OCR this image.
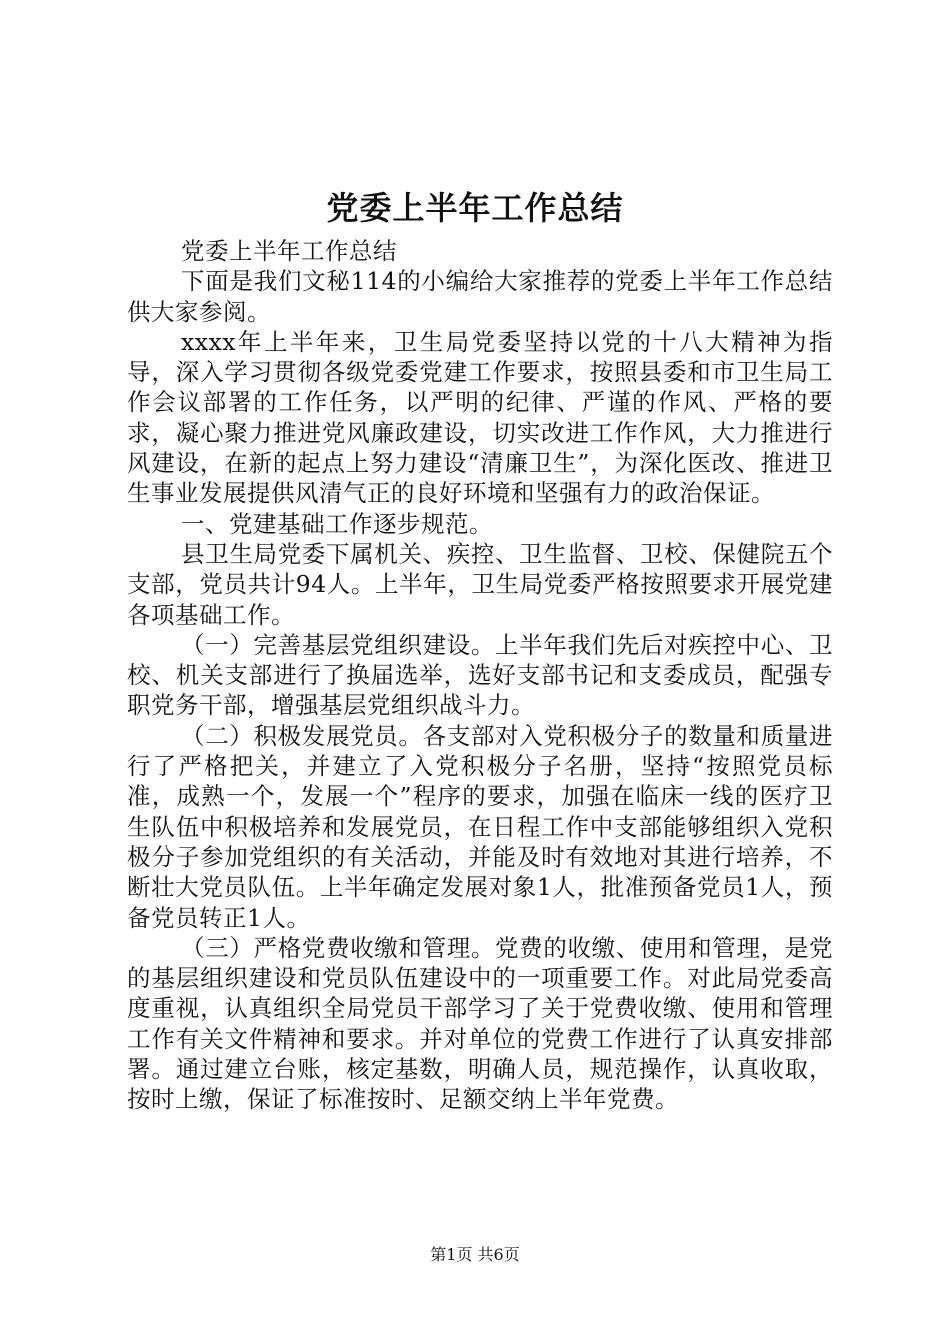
党委上半年工作总结

党委上半年工作总结

下面是我们文秘114的小编给大家推荐的党委上半年工作总结供大家参阅。

xxxx年上半年来，卫生局党委坚持以党的十八大精神为指导，深入学习贯彻各级党委党建工作要求，按照县委和市卫生局工作会议部署的工作任务，以严明的纪律、严谨的作风、严格的要求，凝心聚力推进党风廉政建设，切实改进工作作风，大力推进行风建设，在新的起点上努力建设“清廉卫生”，为深化医改、推进卫生事业发展提供风清气正的良好环境和坚强有力的政治保证。

一、党建基础工作逐步规范。

县卫生局党委下属机关、疾控、卫生监督、卫校、保健院五个支部，党员共计94人。上半年，卫生局党委严格按照要求开展党建各项基础工作。

（一）完善基层党组织建设。上半年我们先后对疾控中心、卫校、机关支部进行了换届选举，选好支部书记和支委成员，配强专职党务干部，增强基层党组织战斗力。

（二）积极发展党员。各支部对入党积极分子的数量和质量进行了严格把关，并建立了入党积极分子名册，坚持“按照党员标准，成熟一个，发展一个”程序的要求，加强在临床一线的医疗卫生队伍中积极培养和发展党员，在日程工作中支部能够组织入党积极分子参加党组织的有关活动，并能及时有效地对其进行培养，不断壮大党员队伍。上半年确定发展对象1人，批准预备党员1人，预备党员转正1人。

（三）严格党费收缴和管理。党费的收缴、使用和管理，是党的基层组织建设和党员队伍建设中的一项重要工作。对此局党委高度重视，认真组织全局党员干部学习了关于党费收缴、使用和管理工作有关文件精神和要求。并对单位的党费工作进行了认真安排部署。通过建立台账，核定基数，明确人员，规范操作，认真收取，按时上缴，保证了标准按时、足额交纳上半年党费。

第1页 共6页
